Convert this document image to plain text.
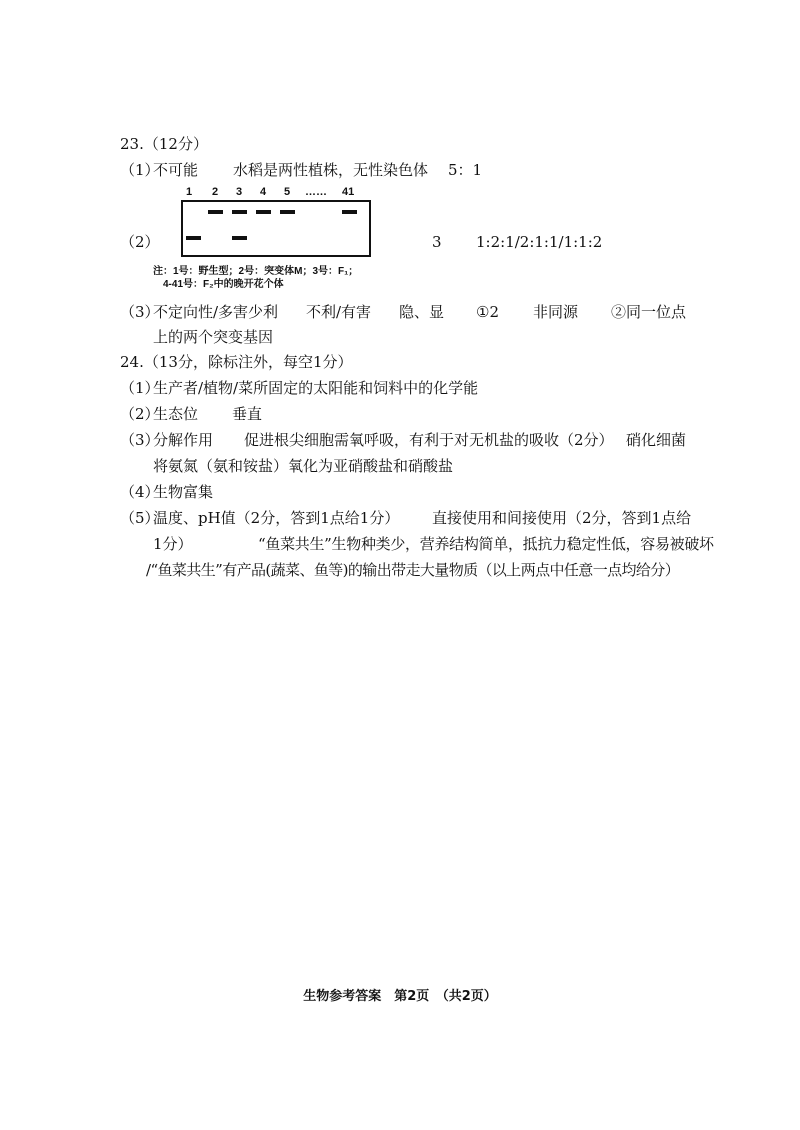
23.（12分）
（1）
不可能 水稻是两性植株，无性染色体 5：1
1 2 3 4 5 …… 41
（2）	3 1:2:1/2:1:1/1:1:2
注：1号：野生型；2号：突变体M；3号：F₁；
4-41号：F₂中的晚开花个体
（3）
不定向性/多害少利 不利/有害 隐、显 ①2 非同源 ②同一位点
上的两个突变基因
24.（13分，除标注外，每空1分）
（1）
生产者/植物/菜所固定的太阳能和饲料中的化学能
（2）
生态位 垂直
（3）
分解作用 促进根尖细胞需氧呼吸，有利于对无机盐的吸收（2分） 硝化细菌
将氨氮（氨和铵盐）氧化为亚硝酸盐和硝酸盐
（4）
生物富集
（5）
温度、pH值（2分，答到1点给1分） 直接使用和间接使用（2分，答到1点给
1分）	“鱼菜共生”生物种类少，营养结构简单，抵抗力稳定性低，容易被破坏
/“鱼菜共生”有产品(蔬菜、鱼等)的输出带走大量物质（以上两点中任意一点均给分）
生物参考答案　第2页　（共2页）
